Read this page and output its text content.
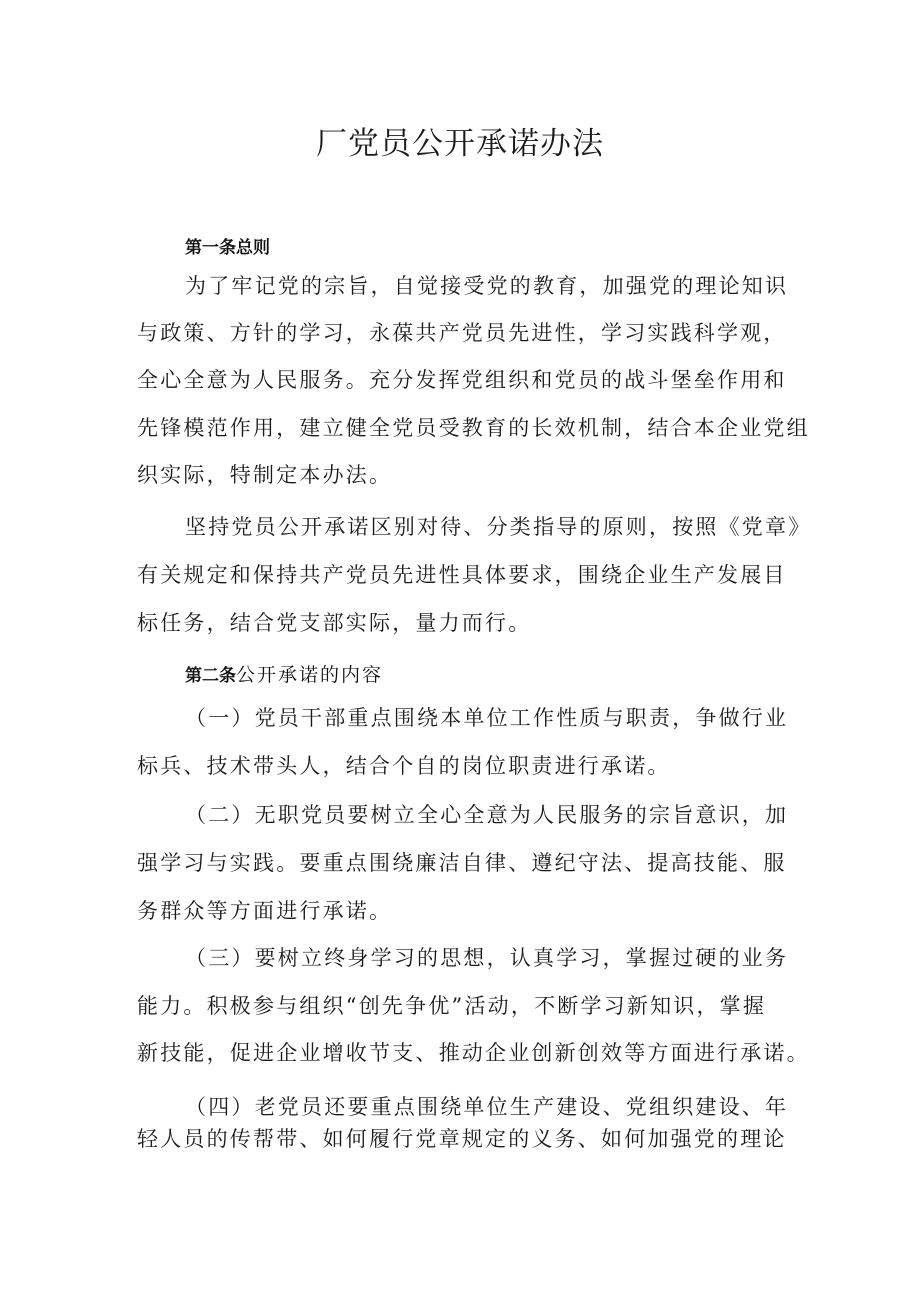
厂党员公开承诺办法
第一条总则
为了牢记党的宗旨，自觉接受党的教育，加强党的理论知识
与政策、方针的学习，永葆共产党员先进性，学习实践科学观，
全心全意为人民服务。充分发挥党组织和党员的战斗堡垒作用和
先锋模范作用，建立健全党员受教育的长效机制，结合本企业党组
织实际，特制定本办法。
坚持党员公开承诺区别对待、分类指导的原则，按照《党章》
有关规定和保持共产党员先进性具体要求，围绕企业生产发展目
标任务，结合党支部实际，量力而行。
第二条公开承诺的内容
（一）党员干部重点围绕本单位工作性质与职责，争做行业
标兵、技术带头人，结合个自的岗位职责进行承诺。
（二）无职党员要树立全心全意为人民服务的宗旨意识，加
强学习与实践。要重点围绕廉洁自律、遵纪守法、提高技能、服
务群众等方面进行承诺。
（三）要树立终身学习的思想，认真学习，掌握过硬的业务
能力。积极参与组织“创先争优”活动，不断学习新知识，掌握
新技能，促进企业增收节支、推动企业创新创效等方面进行承诺。
（四）老党员还要重点围绕单位生产建设、党组织建设、年
轻人员的传帮带、如何履行党章规定的义务、如何加强党的理论
